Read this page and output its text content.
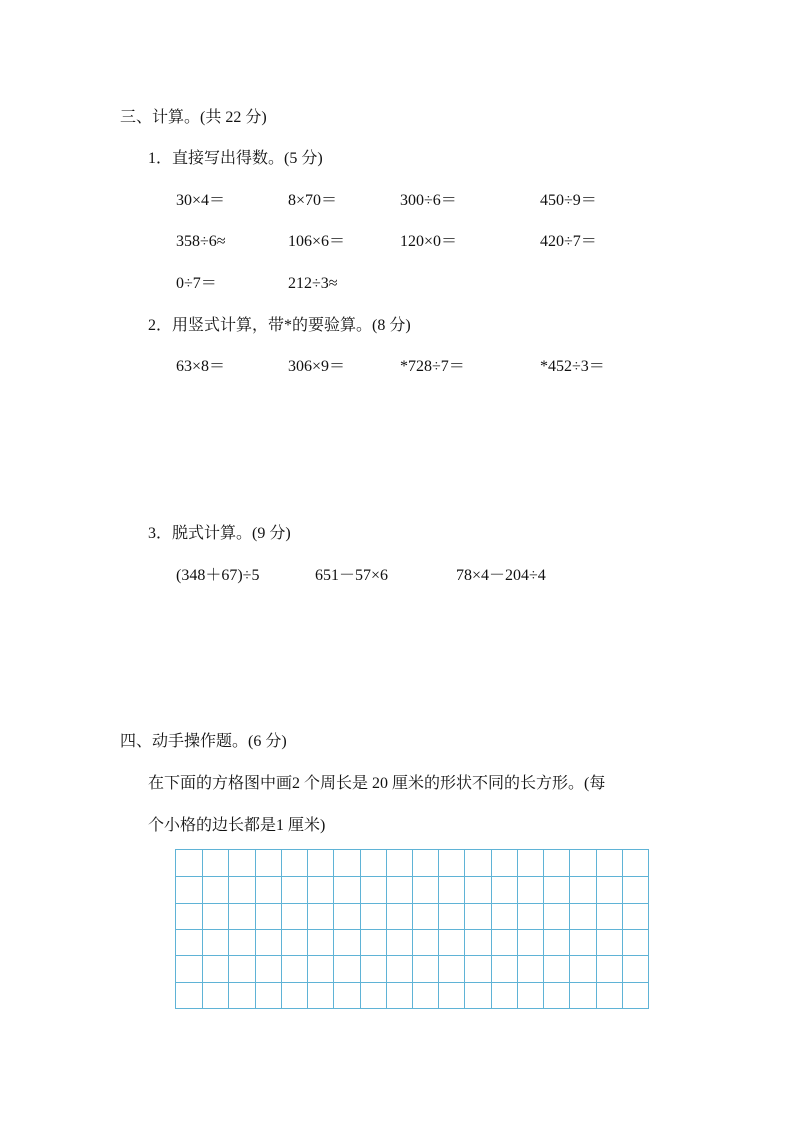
三、计算。(共 22 分)
1．直接写出得数。(5 分)
30×4＝	8×70＝	300÷6＝	450÷9＝
358÷6≈	106×6＝	120×0＝	420÷7＝
0÷7＝	212÷3≈
2．用竖式计算，带*的要验算。(8 分)
63×8＝	306×9＝	*728÷7＝	*452÷3＝
3．脱式计算。(9 分)
(348＋67)÷5	651－57×6	78×4－204÷4
四、动手操作题。(6 分)
在下面的方格图中画2 个周长是 20 厘米的形状不同的长方形。(每
个小格的边长都是1 厘米)
